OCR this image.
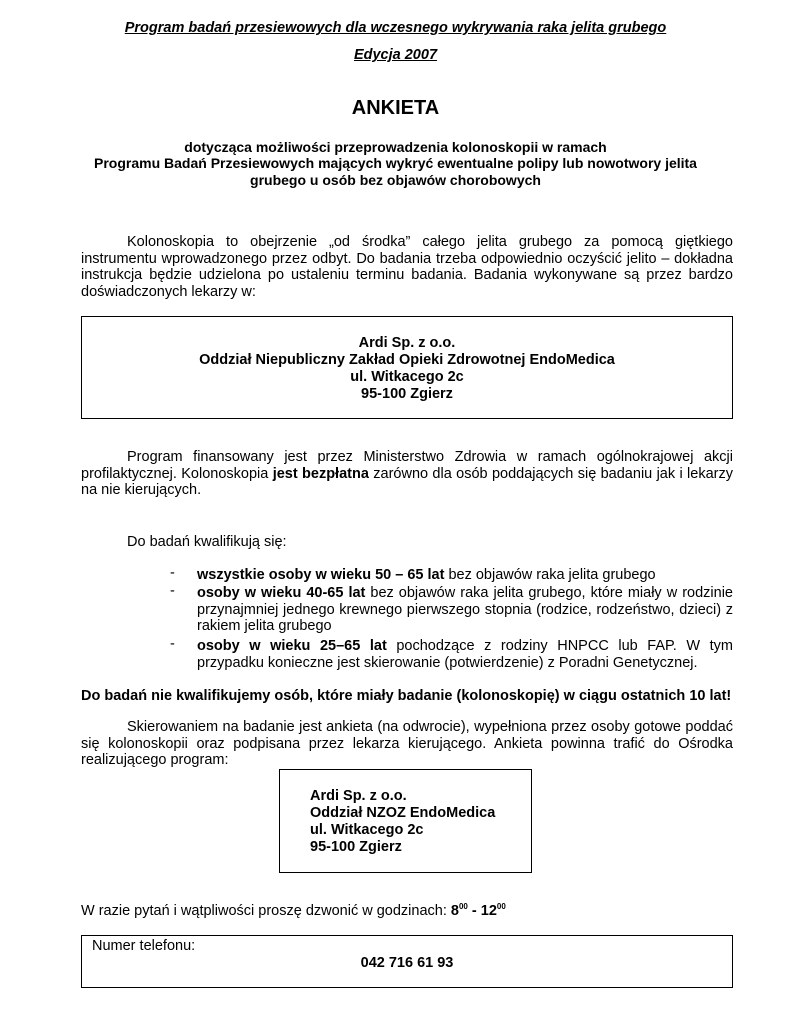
Program badań przesiewowych dla wczesnego wykrywania raka jelita grubego
Edycja 2007
ANKIETA
dotycząca możliwości przeprowadzenia kolonoskopii w ramach
Programu Badań Przesiewowych mających wykryć ewentualne polipy lub nowotwory jelita
grubego u osób bez objawów chorobowych
Kolonoskopia to obejrzenie „od środka” całego jelita grubego za pomocą giętkiego instrumentu wprowadzonego przez odbyt. Do badania trzeba odpowiednio oczyścić jelito – dokładna instrukcja będzie udzielona po ustaleniu terminu badania. Badania wykonywane są przez bardzo doświadczonych lekarzy w:
Ardi Sp. z o.o.
Oddział Niepubliczny Zakład Opieki Zdrowotnej EndoMedica
ul. Witkacego 2c
95-100 Zgierz
Program finansowany jest przez Ministerstwo Zdrowia w ramach ogólnokrajowej akcji profilaktycznej. Kolonoskopia jest bezpłatna zarówno dla osób poddających się badaniu jak i lekarzy na nie kierujących.
Do badań kwalifikują się:
- wszystkie osoby w wieku 50 – 65 lat bez objawów raka jelita grubego
- osoby w wieku 40-65 lat bez objawów raka jelita grubego, które miały w rodzinie przynajmniej jednego krewnego pierwszego stopnia (rodzice, rodzeństwo, dzieci) z rakiem jelita grubego
- osoby w wieku 25–65 lat pochodzące z rodziny HNPCC lub FAP. W tym przypadku konieczne jest skierowanie (potwierdzenie) z Poradni Genetycznej.
Do badań nie kwalifikujemy osób, które miały badanie (kolonoskopię) w ciągu ostatnich 10 lat!
Skierowaniem na badanie jest ankieta (na odwrocie), wypełniona przez osoby gotowe poddać się kolonoskopii oraz podpisana przez lekarza kierującego. Ankieta powinna trafić do Ośrodka realizującego program:
Ardi Sp. z o.o.
Oddział NZOZ EndoMedica
ul. Witkacego 2c
95-100 Zgierz
W razie pytań i wątpliwości proszę dzwonić w godzinach: $8^{00} - 12^{00}$
Numer telefonu:
042 716 61 93
